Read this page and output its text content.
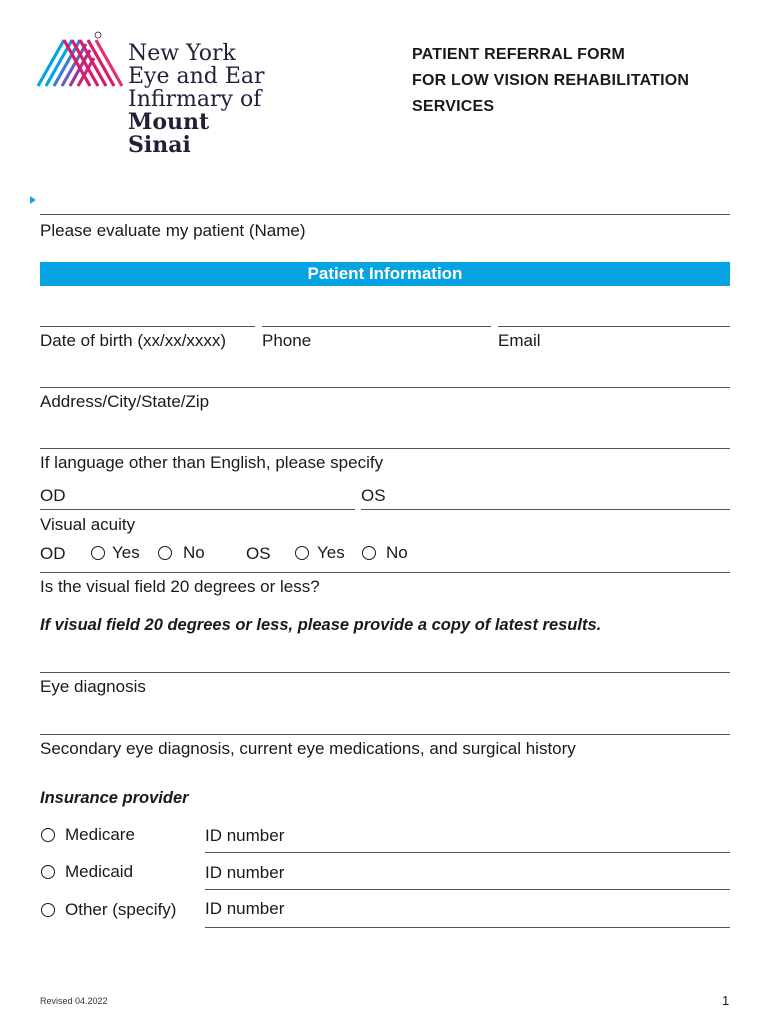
New York
Eye and Ear
Infirmary of
Mount
Sinai
PATIENT REFERRAL FORM
FOR LOW VISION REHABILITATION
SERVICES
Please evaluate my patient (Name)
Patient Information
Date of birth (xx/xx/xxxx) Phone	Email
Address/City/State/Zip
If language other than English, please specify
OD	OS
Visual acuity
OD	Yes	No OS	Yes No
Is the visual field 20 degrees or less?
If visual field 20 degrees or less, please provide a copy of latest results.
Eye diagnosis
Secondary eye diagnosis, current eye medications, and surgical history
Insurance provider
Medicare	ID number
Medicaid	ID number
Other (specify) ID number
Revised 04.2022	1
